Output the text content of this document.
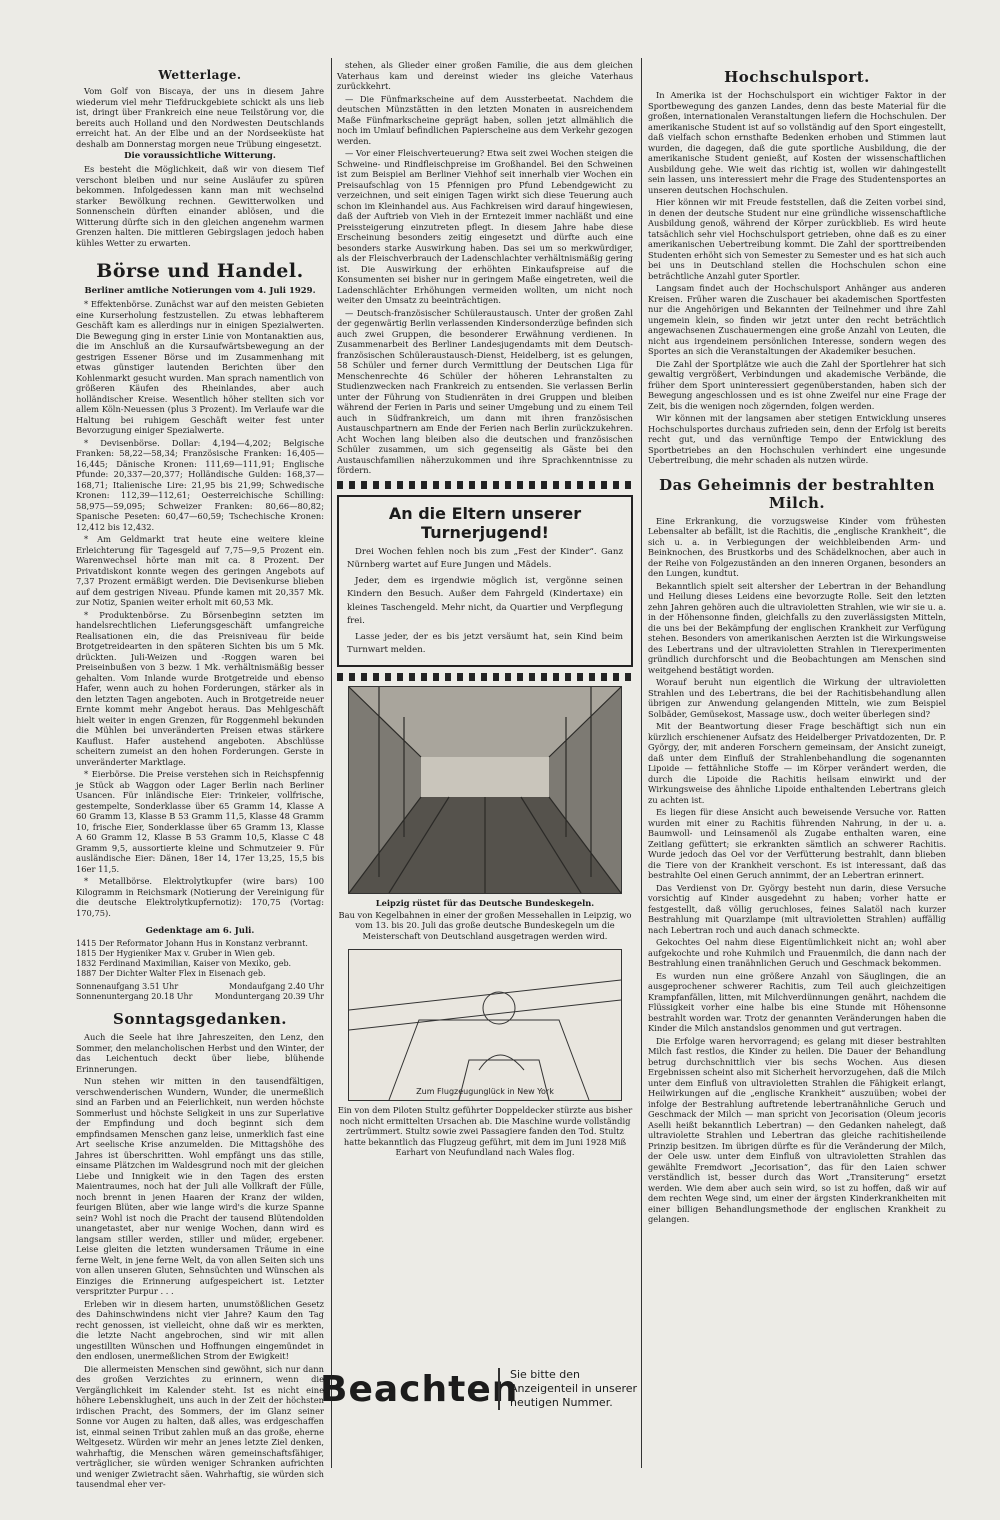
Wetterlage.

Vom Golf von Biscaya, der uns in diesem Jahre wiederum viel mehr Tiefdruckgebiete schickt als uns lieb ist, dringt über Frankreich eine neue Teilstörung vor, die bereits auch Holland und den Nordwesten Deutschlands erreicht hat. An der Elbe und an der Nordseeküste hat deshalb am Donnerstag morgen neue Trübung eingesetzt.

Die voraussichtliche Witterung.

Es besteht die Möglichkeit, daß wir von diesem Tief verschont bleiben und nur seine Ausläufer zu spüren bekommen. Infolgedessen kann man mit wechselnd starker Bewölkung rechnen. Gewitterwolken und Sonnenschein dürften einander ablösen, und die Witterung dürfte sich in den gleichen angenehm warmen Grenzen halten. Die mittleren Gebirgslagen jedoch haben kühles Wetter zu erwarten.

Börse und Handel.
Berliner amtliche Notierungen vom 4. Juli 1929.

* Effektenbörse. Zunächst war auf den meisten Gebieten eine Kurserholung festzustellen. Zu etwas lebhafterem Geschäft kam es allerdings nur in einigen Spezialwerten. Die Bewegung ging in erster Linie von Montanaktien aus, die im Anschluß an die Kursaufwärtsbewegung an der gestrigen Essener Börse und im Zusammenhang mit etwas günstiger lautenden Berichten über den Kohlenmarkt gesucht wurden. Man sprach namentlich von größeren Käufen des Rheinlandes, aber auch holländischer Kreise. Wesentlich höher stellten sich vor allem Köln-Neuessen (plus 3 Prozent). Im Verlaufe war die Haltung bei ruhigem Geschäft weiter fest unter Bevorzugung einiger Spezialwerte.

* Devisenbörse. Dollar: 4,194—4,202; Belgische Franken: 58,22—58,34; Französische Franken: 16,405—16,445; Dänische Kronen: 111,69—111,91; Englische Pfunde: 20,337—20,377; Holländische Gulden: 168,37—168,71; Italienische Lire: 21,95 bis 21,99; Schwedische Kronen: 112,39—112,61; Oesterreichische Schilling: 58,975—59,095; Schweizer Franken: 80,66—80,82; Spanische Peseten: 60,47—60,59; Tschechische Kronen: 12,412 bis 12,432.

* Am Geldmarkt trat heute eine weitere kleine Erleichterung für Tagesgeld auf 7,75—9,5 Prozent ein. Warenwechsel hörte man mit ca. 8 Prozent. Der Privatdiskont konnte wegen des geringen Angebots auf 7,37 Prozent ermäßigt werden. Die Devisenkurse blieben auf dem gestrigen Niveau. Pfunde kamen mit 20,357 Mk. zur Notiz, Spanien weiter erholt mit 60,53 Mk.

* Produktenbörse. Zu Börsenbeginn setzten im handelsrechtlichen Lieferungsgeschäft umfangreiche Realisationen ein, die das Preisniveau für beide Brotgetreidearten in den späteren Sichten bis um 5 Mk. drückten. Juli-Weizen und -Roggen waren bei Preiseinbußen von 3 bezw. 1 Mk. verhältnismäßig besser gehalten. Vom Inlande wurde Brotgetreide und ebenso Hafer, wenn auch zu hohen Forderungen, stärker als in den letzten Tagen angeboten. Auch in Brotgetreide neuer Ernte kommt mehr Angebot heraus. Das Mehlgeschäft hielt weiter in engen Grenzen, für Roggenmehl bekunden die Mühlen bei unveränderten Preisen etwas stärkere Kauflust. Hafer austehend angeboten. Abschlüsse scheitern zumeist an den hohen Forderungen. Gerste in unveränderter Marktlage.

* Eierbörse. Die Preise verstehen sich in Reichspfennig je Stück ab Waggon oder Lager Berlin nach Berliner Usancen. Für inländische Eier: Trinkeier, vollfrische, gestempelte, Sonderklasse über 65 Gramm 14, Klasse A 60 Gramm 13, Klasse B 53 Gramm 11,5, Klasse 48 Gramm 10, frische Eier, Sonderklasse über 65 Gramm 13, Klasse A 60 Gramm 12, Klasse B 53 Gramm 10,5, Klasse C 48 Gramm 9,5, aussortierte kleine und Schmutzeier 9. Für ausländische Eier: Dänen, 18er 14, 17er 13,25, 15,5 bis 16er 11,5.

* Metallbörse. Elektrolytkupfer (wire bars) 100 Kilogramm in Reichsmark (Notierung der Vereinigung für die deutsche Elektrolytkupfernotiz): 170,75 (Vortag: 170,75).

Gedenktage am 6. Juli.
1415 Der Reformator Johann Hus in Konstanz verbrannt.
1815 Der Hygieniker Max v. Gruber in Wien geb.
1832 Ferdinand Maximilian, Kaiser von Mexiko, geb.
1887 Der Dichter Walter Flex in Eisenach geb.
Sonnenaufgang 3.51 Uhr	Mondaufgang 2.40 Uhr
Sonnenuntergang 20.18 Uhr	Monduntergang 20.39 Uhr
Sonntagsgedanken.

Auch die Seele hat ihre Jahreszeiten, den Lenz, den Sommer, den melancholischen Herbst und den Winter, der das Leichentuch deckt über liebe, blühende Erinnerungen.

Nun stehen wir mitten in den tausendfältigen, verschwenderischen Wundern, Wunder, die unermeßlich sind an Farben und an Feierlichkeit, nun werden höchste Sommerlust und höchste Seligkeit in uns zur Superlative der Empfindung und doch beginnt sich dem empfindsamen Menschen ganz leise, unmerklich fast eine Art seelische Krise anzumelden. Die Mittagshöhe des Jahres ist überschritten. Wohl empfängt uns das stille, einsame Plätzchen im Waldesgrund noch mit der gleichen Liebe und Innigkeit wie in den Tagen des ersten Maientraumes, noch hat der Juli alle Vollkraft der Fülle, noch brennt in jenen Haaren der Kranz der wilden, feurigen Blüten, aber wie lange wird's die kurze Spanne sein? Wohl ist noch die Pracht der tausend Blütendolden unangetastet, aber nur wenige Wochen, dann wird es langsam stiller werden, stiller und müder, ergebener. Leise gleiten die letzten wundersamen Träume in eine ferne Welt, in jene ferne Welt, da von allen Seiten sich uns von allen unseren Gluten, Sehnsüchten und Wünschen als Einziges die Erinnerung aufgespeichert ist. Letzter verspritzter Purpur . . .

Erleben wir in diesem harten, unumstößlichen Gesetz des Dahinschwindens nicht vier Jahre? Kaum den Tag recht genossen, ist vielleicht, ohne daß wir es merkten, die letzte Nacht angebrochen, sind wir mit allen ungestillten Wünschen und Hoffnungen eingemündet in den endlosen, unermeßlichen Strom der Ewigkeit!

Die allermeisten Menschen sind gewöhnt, sich nur dann des großen Verzichtes zu erinnern, wenn die Vergänglichkeit im Kalender steht. Ist es nicht eine höhere Lebensklugheit, uns auch in der Zeit der höchsten irdischen Pracht, des Sommers, der im Glanz seiner Sonne vor Augen zu halten, daß alles, was erdgeschaffen ist, einmal seinen Tribut zahlen muß an das große, eherne Weltgesetz. Würden wir mehr an jenes letzte Ziel denken, wahrhaftig, die Menschen wären gemeinschaftsfähiger, verträglicher, sie würden weniger Schranken aufrichten und weniger Zwietracht säen. Wahrhaftig, sie würden sich tausendmal eher ver-

stehen, als Glieder einer großen Familie, die aus dem gleichen Vaterhaus kam und dereinst wieder ins gleiche Vaterhaus zurückkehrt.

— Die Fünfmarkscheine auf dem Aussterbeetat. Nachdem die deutschen Münzstätten in den letzten Monaten in ausreichendem Maße Fünfmarkscheine geprägt haben, sollen jetzt allmählich die noch im Umlauf befindlichen Papierscheine aus dem Verkehr gezogen werden.

— Vor einer Fleischverteuerung? Etwa seit zwei Wochen steigen die Schweine- und Rindfleischpreise im Großhandel. Bei den Schweinen ist zum Beispiel am Berliner Viehhof seit innerhalb vier Wochen ein Preisaufschlag von 15 Pfennigen pro Pfund Lebendgewicht zu verzeichnen, und seit einigen Tagen wirkt sich diese Teuerung auch schon im Kleinhandel aus. Aus Fachkreisen wird darauf hingewiesen, daß der Auftrieb von Vieh in der Erntezeit immer nachläßt und eine Preissteigerung einzutreten pflegt. In diesem Jahre habe diese Erscheinung besonders zeitig eingesetzt und dürfte auch eine besonders starke Auswirkung haben. Das sei um so merkwürdiger, als der Fleischverbrauch der Ladenschlachter verhältnismäßig gering ist. Die Auswirkung der erhöhten Einkaufspreise auf die Konsumenten sei bisher nur in geringem Maße eingetreten, weil die Ladenschlächter Erhöhungen vermeiden wollten, um nicht noch weiter den Umsatz zu beeinträchtigen.

— Deutsch-französischer Schüleraustausch. Unter der großen Zahl der gegenwärtig Berlin verlassenden Kindersonderzüge befinden sich auch zwei Gruppen, die besonderer Erwähnung verdienen. In Zusammenarbeit des Berliner Landesjugendamts mit dem Deutsch-französischen Schüleraustausch-Dienst, Heidelberg, ist es gelungen, 58 Schüler und ferner durch Vermittlung der Deutschen Liga für Menschenrechte 46 Schüler der höheren Lehranstalten zu Studienzwecken nach Frankreich zu entsenden. Sie verlassen Berlin unter der Führung von Studienräten in drei Gruppen und bleiben während der Ferien in Paris und seiner Umgebung und zu einem Teil auch in Südfrankreich, um dann mit ihren französischen Austauschpartnern am Ende der Ferien nach Berlin zurückzukehren. Acht Wochen lang bleiben also die deutschen und französischen Schüler zusammen, um sich gegenseitig als Gäste bei den Austauschfamilien näherzukommen und ihre Sprachkenntnisse zu fördern.

An die Eltern unserer Turnerjugend!

Drei Wochen fehlen noch bis zum „Fest der Kinder“. Ganz Nürnberg wartet auf Eure Jungen und Mädels.

Jeder, dem es irgendwie möglich ist, vergönne seinen Kindern den Besuch. Außer dem Fahrgeld (Kindertaxe) ein kleines Taschengeld. Mehr nicht, da Quartier und Verpflegung frei.

Lasse jeder, der es bis jetzt versäumt hat, sein Kind beim Turnwart melden.

Leipzig rüstet für das Deutsche Bundeskegeln.

Bau von Kegelbahnen in einer der großen Messehallen in Leipzig, wo vom 13. bis 20. Juli das große deutsche Bundeskegeln um die Meisterschaft von Deutschland ausgetragen werden wird.

Zum Flugzeugunglück in New York

Ein von dem Piloten Stultz geführter Doppeldecker stürzte aus bisher noch nicht ermittelten Ursachen ab. Die Maschine wurde vollständig zertrümmert. Stultz sowie zwei Passagiere fanden den Tod. Stultz hatte bekanntlich das Flugzeug geführt, mit dem im Juni 1928 Miß Earhart von Neufundland nach Wales flog.

Beachten
Sie bitte den Anzeigenteil in unserer heutigen Nummer.
Hochschulsport.

In Amerika ist der Hochschulsport ein wichtiger Faktor in der Sportbewegung des ganzen Landes, denn das beste Material für die großen, internationalen Veranstaltungen liefern die Hochschulen. Der amerikanische Student ist auf so vollständig auf den Sport eingestellt, daß vielfach schon ernsthafte Bedenken erhoben und Stimmen laut wurden, die dagegen, daß die gute sportliche Ausbildung, die der amerikanische Student genießt, auf Kosten der wissenschaftlichen Ausbildung gehe. Wie weit das richtig ist, wollen wir dahingestellt sein lassen, uns interessiert mehr die Frage des Studentensportes an unseren deutschen Hochschulen.

Hier können wir mit Freude feststellen, daß die Zeiten vorbei sind, in denen der deutsche Student nur eine gründliche wissenschaftliche Ausbildung genoß, während der Körper zurückblieb. Es wird heute tatsächlich sehr viel Hochschulsport getrieben, ohne daß es zu einer amerikanischen Uebertreibung kommt. Die Zahl der sporttreibenden Studenten erhöht sich von Semester zu Semester und es hat sich auch bei uns in Deutschland stellen die Hochschulen schon eine beträchtliche Anzahl guter Sportler.

Langsam findet auch der Hochschulsport Anhänger aus anderen Kreisen. Früher waren die Zuschauer bei akademischen Sportfesten nur die Angehörigen und Bekannten der Teilnehmer und ihre Zahl ungemein klein, so finden wir jetzt unter den recht beträchtlich angewachsenen Zuschauermengen eine große Anzahl von Leuten, die nicht aus irgendeinem persönlichen Interesse, sondern wegen des Sportes an sich die Veranstaltungen der Akademiker besuchen.

Die Zahl der Sportplätze wie auch die Zahl der Sportlehrer hat sich gewaltig vergrößert, Verbindungen und akademische Verbände, die früher dem Sport uninteressiert gegenüberstanden, haben sich der Bewegung angeschlossen und es ist ohne Zweifel nur eine Frage der Zeit, bis die wenigen noch zögernden, folgen werden.

Wir können mit der langsamen aber stetigen Entwicklung unseres Hochschulsportes durchaus zufrieden sein, denn der Erfolg ist bereits recht gut, und das vernünftige Tempo der Entwicklung des Sportbetriebes an den Hochschulen verhindert eine ungesunde Uebertreibung, die mehr schaden als nutzen würde.

Das Geheimnis der bestrahlten Milch.

Eine Erkrankung, die vorzugsweise Kinder vom frühesten Lebensalter ab befällt, ist die Rachitis, die „englische Krankheit“, die sich u. a. in Verbiegungen der weichbleibenden Arm- und Beinknochen, des Brustkorbs und des Schädelknochen, aber auch in der Reihe von Folgezuständen an den inneren Organen, besonders an den Lungen, kundtut.

Bekanntlich spielt seit altersher der Lebertran in der Behandlung und Heilung dieses Leidens eine bevorzugte Rolle. Seit den letzten zehn Jahren gehören auch die ultravioletten Strahlen, wie wir sie u. a. in der Höhensonne finden, gleichfalls zu den zuverlässigsten Mitteln, die uns bei der Bekämpfung der englischen Krankheit zur Verfügung stehen. Besonders von amerikanischen Aerzten ist die Wirkungsweise des Lebertrans und der ultravioletten Strahlen in Tierexperimenten gründlich durchforscht und die Beobachtungen am Menschen sind weitgehend bestätigt worden.

Worauf beruht nun eigentlich die Wirkung der ultravioletten Strahlen und des Lebertrans, die bei der Rachitisbehandlung allen übrigen zur Anwendung gelangenden Mitteln, wie zum Beispiel Solbäder, Gemüsekost, Massage usw., doch weiter überlegen sind?

Mit der Beantwortung dieser Frage beschäftigt sich nun ein kürzlich erschienener Aufsatz des Heidelberger Privatdozenten, Dr. P. György, der, mit anderen Forschern gemeinsam, der Ansicht zuneigt, daß unter dem Einfluß der Strahlenbehandlung die sogenannten Lipoide — fettähnliche Stoffe — im Körper verändert werden, die durch die Lipoide die Rachitis heilsam einwirkt und der Wirkungsweise des ähnliche Lipoide enthaltenden Lebertrans gleich zu achten ist.

Es liegen für diese Ansicht auch beweisende Versuche vor. Ratten wurden mit einer zu Rachitis führenden Nahrung, in der u. a. Baumwoll- und Leinsamenöl als Zugabe enthalten waren, eine Zeitlang gefüttert; sie erkrankten sämtlich an schwerer Rachitis. Wurde jedoch das Oel vor der Verfütterung bestrahlt, dann blieben die Tiere von der Krankheit verschont. Es ist interessant, daß das bestrahlte Oel einen Geruch annimmt, der an Lebertran erinnert.

Das Verdienst von Dr. György besteht nun darin, diese Versuche vorsichtig auf Kinder ausgedehnt zu haben; vorher hatte er festgestellt, daß völlig geruchloses, feines Salatöl nach kurzer Bestrahlung mit Quarzlampe (mit ultravioletten Strahlen) auffällig nach Lebertran roch und auch danach schmeckte.

Gekochtes Oel nahm diese Eigentümlichkeit nicht an; wohl aber aufgekochte und rohe Kuhmilch und Frauenmilch, die dann nach der Bestrahlung einen tranähnlichen Geruch und Geschmack bekommen.

Es wurden nun eine größere Anzahl von Säuglingen, die an ausgeprochener schwerer Rachitis, zum Teil auch gleichzeitigen Krampfanfällen, litten, mit Milchverdünnungen genährt, nachdem die Flüssigkeit vorher eine halbe bis eine Stunde mit Höhensonne bestrahlt worden war. Trotz der genannten Veränderungen haben die Kinder die Milch anstandslos genommen und gut vertragen.

Die Erfolge waren hervorragend; es gelang mit dieser bestrahlten Milch fast restlos, die Kinder zu heilen. Die Dauer der Behandlung betrug durchschnittlich vier bis sechs Wochen. Aus diesen Ergebnissen scheint also mit Sicherheit hervorzugehen, daß die Milch unter dem Einfluß von ultravioletten Strahlen die Fähigkeit erlangt, Heilwirkungen auf die „englische Krankheit“ auszuüben; wobei der infolge der Bestrahlung auftretende lebertranähnliche Geruch und Geschmack der Milch — man spricht von Jecorisation (Oleum jecoris Aselli heißt bekanntlich Lebertran) — den Gedanken nahelegt, daß ultraviolette Strahlen und Lebertran das gleiche rachitisheilende Prinzip besitzen. Im übrigen dürfte es für die Veränderung der Milch, der Oele usw. unter dem Einfluß von ultravioletten Strahlen das gewählte Fremdwort „Jecorisation“, das für den Laien schwer verständlich ist, besser durch das Wort „Transiterung“ ersetzt werden. Wie dem aber auch sein wird, so ist zu hoffen, daß wir auf dem rechten Wege sind, um einer der ärgsten Kinderkrankheiten mit einer billigen Behandlungsmethode der englischen Krankheit zu gelangen.
